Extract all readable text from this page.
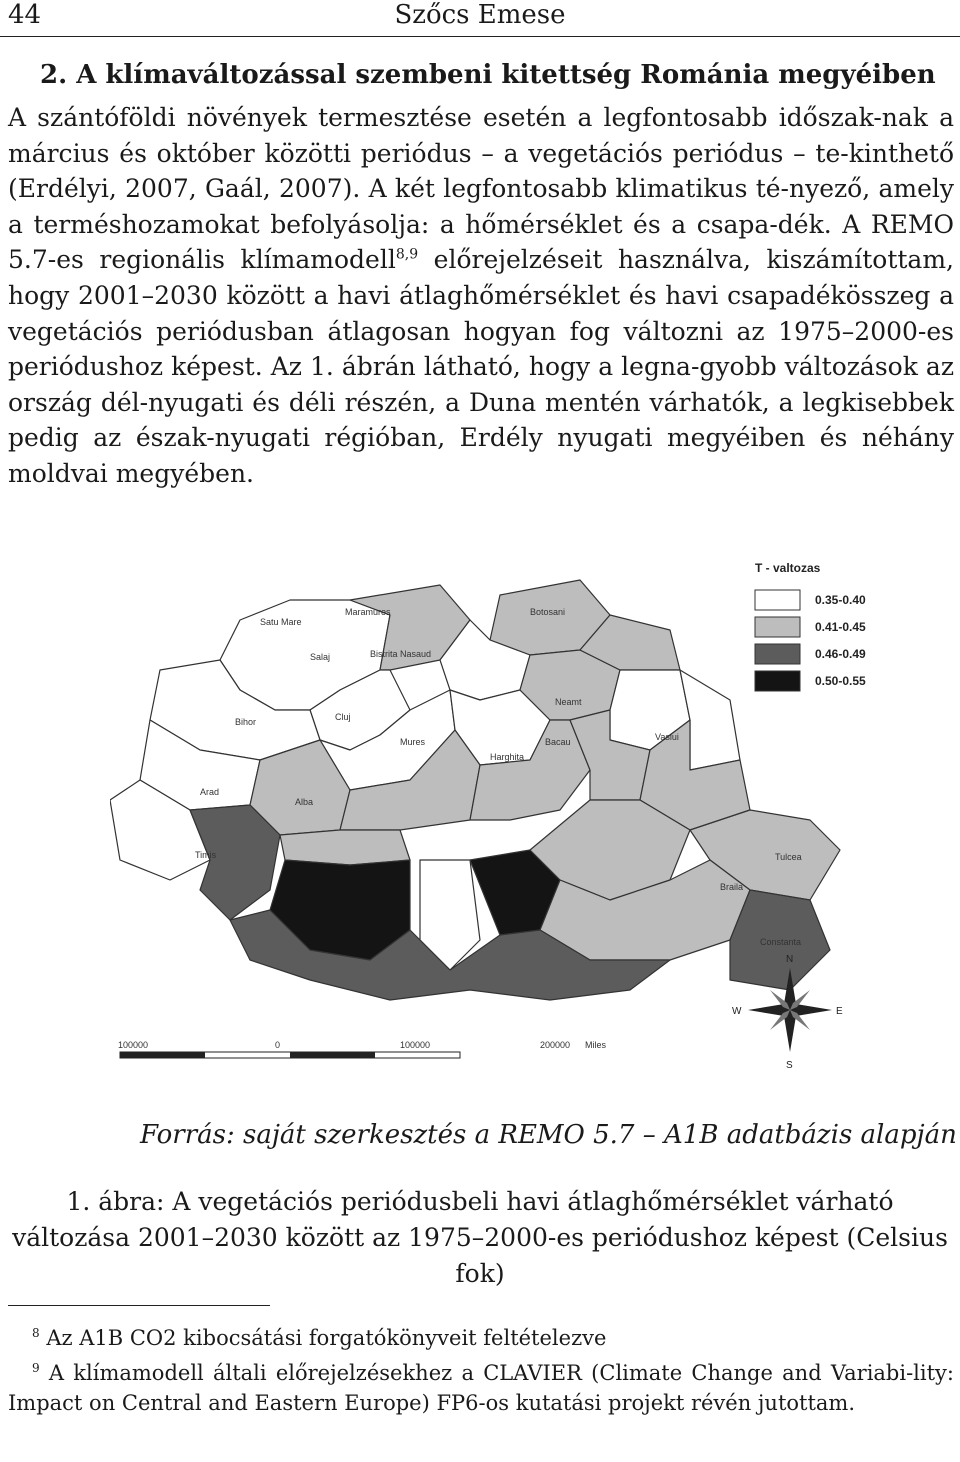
44	Szőcs Emese
2. A klímaváltozással szembeni kitettség Románia megyéiben
A szántóföldi növények termesztése esetén a legfontosabb időszak-nak a március és október közötti periódus – a vegetációs periódus – te-kinthető (Erdélyi, 2007, Gaál, 2007). A két legfontosabb klimatikus té-nyező, amely a terméshozamokat befolyásolja: a hőmérséklet és a csapa-dék. A REMO 5.7-es regionális klímamodell$^{8,9}$ előrejelzéseit használva, kiszámítottam, hogy 2001–2030 között a havi átlaghőmérséklet és havi csapadékösszeg a vegetációs periódusban átlagosan hogyan fog változni az 1975–2000-es periódushoz képest. Az 1. ábrán látható, hogy a legna-gyobb változások az ország dél-nyugati és déli részén, a Duna mentén várhatók, a legkisebbek pedig az észak-nyugati régióban, Erdély nyugati megyéiben és néhány moldvai megyében.
T - valtozas
0.35-0.40
0.41-0.45
0.46-0.49
0.50-0.55
Satu Mare
Maramures	Botosani
Bistrita Nasaud
Salaj
Bihor	Cluj
Mures
Neamt
Harghita
Bacau	Vaslui
Arad
Alba
Timis	Tulcea
Braila
Constanta
100000	0	100000	200000 Miles
N
S
E
W
Forrás: saját szerkesztés a REMO 5.7 – A1B adatbázis alapján
1. ábra: A vegetációs periódusbeli havi átlaghőmérséklet várható
változása 2001–2030 között az 1975–2000-es periódushoz képest (Celsius fok)

$^8$ Az A1B CO2 kibocsátási forgatókönyveit feltételezve

$^9$ A klímamodell általi előrejelzésekhez a CLAVIER (Climate Change and Variabi-lity: Impact on Central and Eastern Europe) FP6-os kutatási projekt révén jutottam.
